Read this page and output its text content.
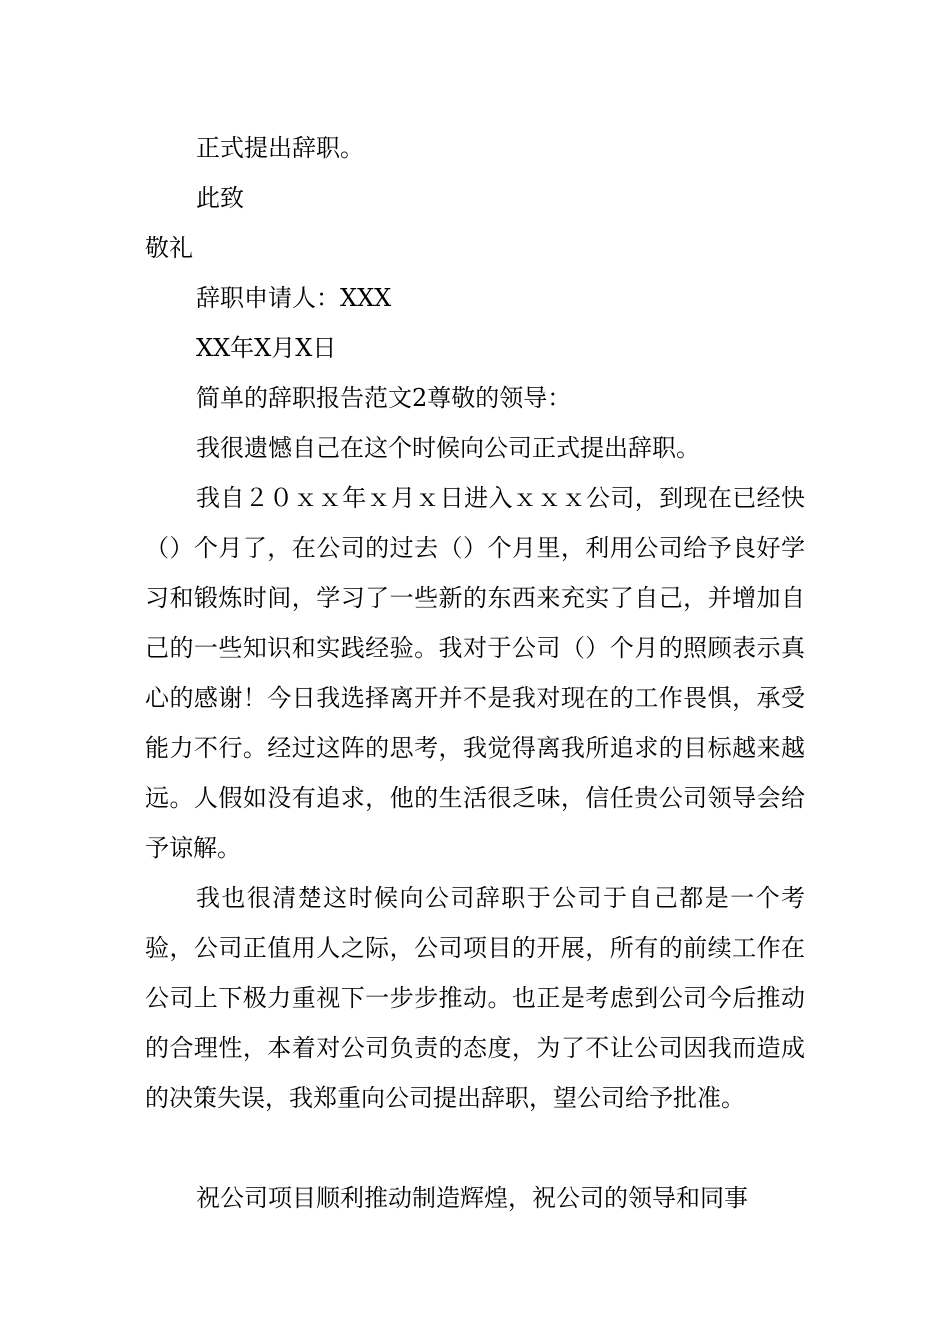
正式提出辞职。
此致
敬礼
辞职申请人：XXX
XX年X月X日
简单的辞职报告范文2尊敬的领导：
我很遗憾自己在这个时候向公司正式提出辞职。
我自２０ｘｘ年ｘ月ｘ日进入ｘｘｘ公司，到现在已经快（）个月了，在公司的过去（）个月里，利用公司给予良好学习和锻炼时间，学习了一些新的东西来充实了自己，并增加自己的一些知识和实践经验。我对于公司（）个月的照顾表示真心的感谢！今日我选择离开并不是我对现在的工作畏惧，承受能力不行。经过这阵的思考，我觉得离我所追求的目标越来越远。人假如没有追求，他的生活很乏味，信任贵公司领导会给予谅解。
我也很清楚这时候向公司辞职于公司于自己都是一个考验，公司正值用人之际，公司项目的开展，所有的前续工作在公司上下极力重视下一步步推动。也正是考虑到公司今后推动的合理性，本着对公司负责的态度，为了不让公司因我而造成的决策失误，我郑重向公司提出辞职，望公司给予批准。
祝公司项目顺利推动制造辉煌，祝公司的领导和同事
